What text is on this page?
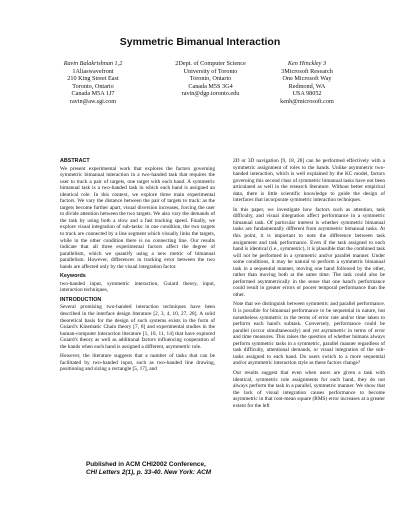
Symmetric Bimanual Interaction
Ravin Balakrishnan 1,2
1Aliaswavefront
210 King Street East
Toronto, Ontario
Canada M5A 1J7
ravin@aw.sgi.com
2Dept. of Computer Science
University of Toronto
Toronto, Ontario
Canada M5S 3G4
ravin@dgp.toronto.edu
Ken Hinckley 3
3Microsoft Research
One Microsoft Way
Redmond, WA
USA 98052
kenh@microsoft.com
ABSTRACT

We present experimental work that explores the factors governing symmetric bimanual interaction in a two-handed task that requires the user to track a pair of targets, one target with each hand. A symmetric bimanual task is a two-handed task in which each hand is assigned an identical role. In this context, we explore three main experimental factors. We vary the distance between the pair of targets to track: as the targets become further apart, visual diversion increases, forcing the user to divide attention between the two targets. We also vary the demands of the task by using both a slow and a fast tracking speed. Finally, we explore visual integration of sub-tasks: in one condition, the two targets to track are connected by a line segment which visually links the targets, while in the other condition there is no connecting line. Our results indicate that all three experimental factors affect the degree of parallelism, which we quantify using a new metric of bimanual parallelism. However, differences in tracking error between the two hands are affected only by the visual integration factor.

Keywords

two-handed input, symmetric interaction, Guiard theory, input, interaction techniques,

INTRODUCTION

Several promising two-handed interaction techniques have been described in the interface design literature [2, 3, 4, 10, 27, 28]. A solid theoretical basis for the design of such systems exists in the form of Guiard's Kinematic Chain theory [7, 8] and experimental studies in the human-computer interaction literature [1, 10, 11, 14] that have explored Guiard's theory as well as additional factors influencing cooperation of the hands when each hand is assigned a different, asymmetric role.

However, the literature suggests that a number of tasks that can be facilitated by two-handed input, such as two-handed line drawing, positioning and sizing a rectangle [5, 17], and

2D or 3D navigation [9, 18, 28] can be performed effectively with a symmetric assignment of roles to the hands. Unlike asymmetric two-handed interaction, which is well explained by the KC model, factors governing this second class of symmetric bimanual tasks have not been articulated as well in the research literature. Without better empirical data, there is little scientific knowledge to guide the design of interfaces that incorporate symmetric interaction techniques.

In this paper, we investigate how factors such as attention, task difficulty, and visual integration affect performance in a symmetric bimanual task. Of particular interest is whether symmetric bimanual tasks are fundamentally different from asymmetric bimanual tasks. At this point, it is important to note the difference between task assignment and task performance. Even if the task assigned to each hand is identical (i.e., symmetric), it is plausible that the combined task will not be performed in a symmetric and/or parallel manner. Under some conditions, it may be natural to perform a symmetric bimanual task in a sequential manner, moving one hand followed by the other, rather than moving both at the same time. The task could also be performed asymmetrically in the sense that one hand's performance could result in greater errors or poorer temporal performance than the other.

Note that we distinguish between symmetric and parallel performance. It is possible for bimanual performance to be sequential in nature, but nonetheless symmetric in the terms of error rate and/or time taken to perform each hand's subtask. Conversely, performance could be parallel (occur simultaneously) and yet asymmetric in terms of error and time measures. This raises the question of whether humans always perform symmetric tasks in a symmetric, parallel manner regardless of task difficulty, attentional demands, or visual integration of the sub-tasks assigned to each hand. Do users switch to a more sequential and/or asymmetric interaction style as these factors change?

Our results suggest that even when users are given a task with identical, symmetric role assignments for each hand, they do not always perform the task in a parallel, symmetric manner. We show that the lack of visual integration causes performance to become asymmetric in that root-mean square (RMS) error increases at a greater extent for the left

Published in ACM CHI2002 Conference,
CHI Letters 2(1), p. 33-40. New York: ACM
